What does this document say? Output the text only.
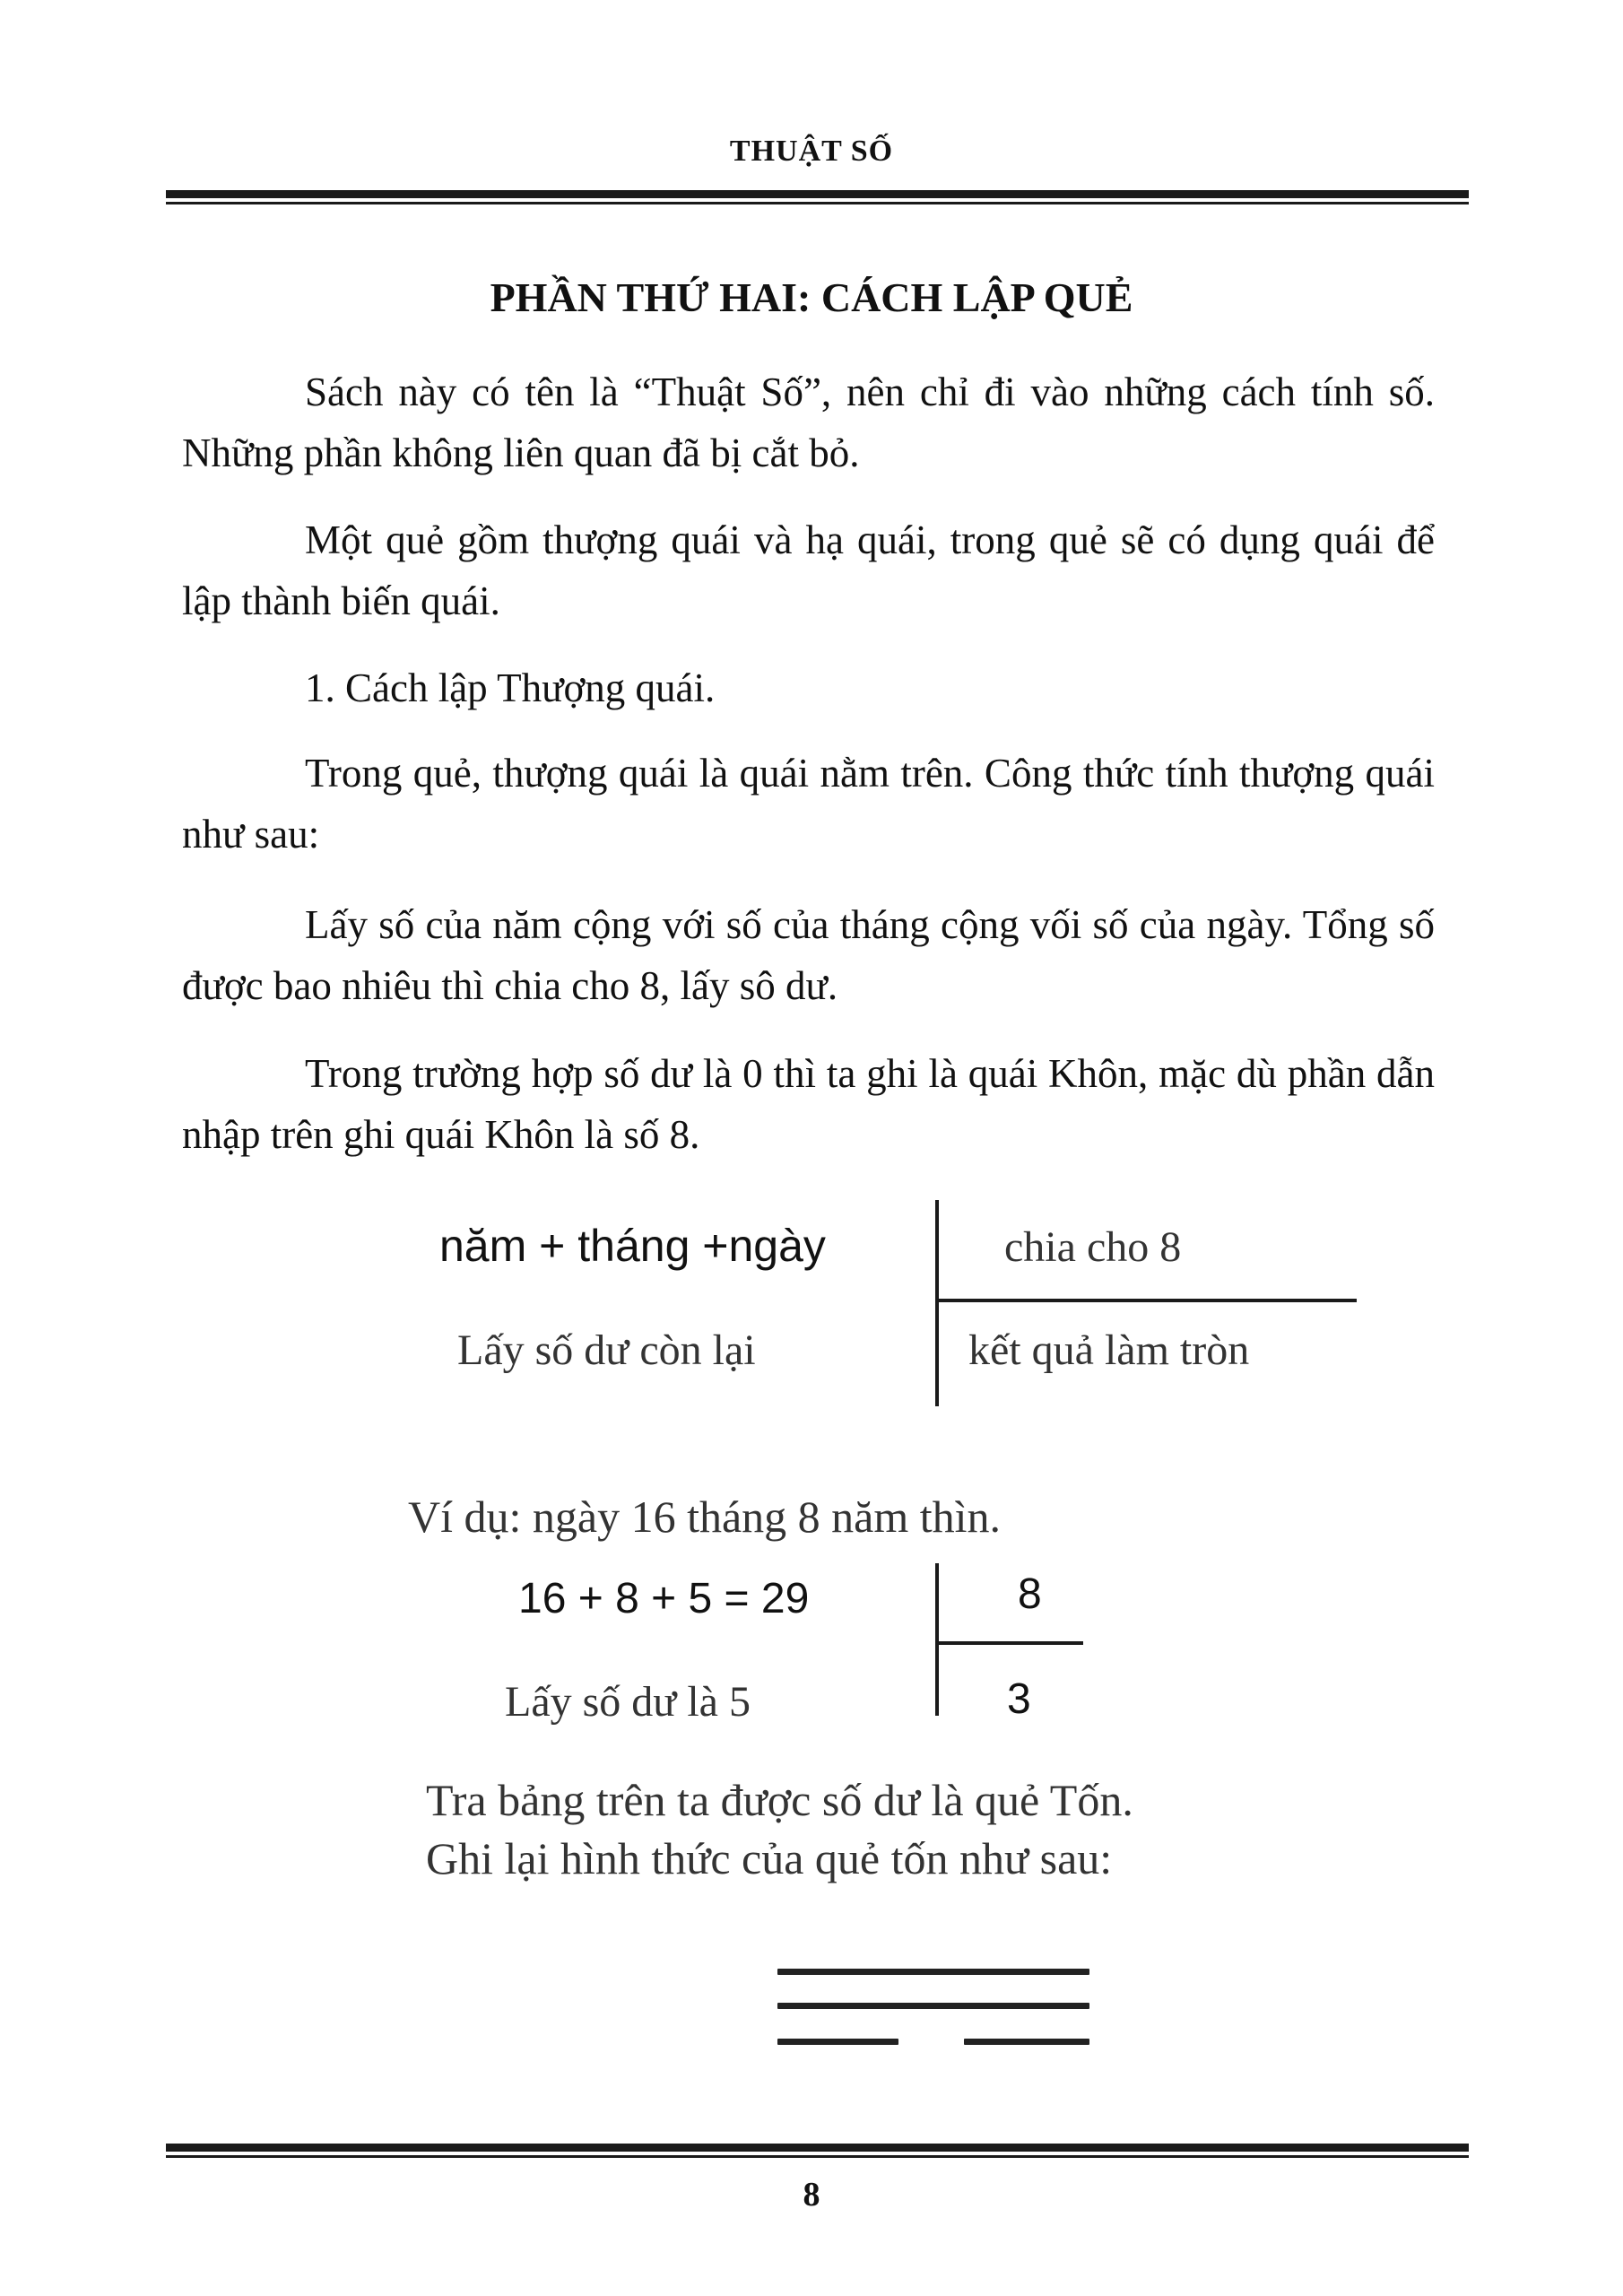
THUẬT SỐ
PHẦN THỨ HAI: CÁCH LẬP QUẺ

Sách này có tên là “Thuật Số”, nên chỉ đi vào những cách tính số. Những phần không liên quan đã bị cắt bỏ.

Một quẻ gồm thượng quái và hạ quái, trong quẻ sẽ có dụng quái để lập thành biến quái.

1. Cách lập Thượng quái.

Trong quẻ, thượng quái là quái nằm trên. Công thức tính thượng quái như sau:

Lấy số của năm cộng với số của tháng cộng vối số của ngày. Tổng số được bao nhiêu thì chia cho 8, lấy sô dư.

Trong trường hợp số dư là 0 thì ta ghi là quái Khôn, mặc dù phần dẫn nhập trên ghi quái Khôn là số 8.

năm + tháng +ngày	chia cho 8
Lấy số dư còn lại	kết quả làm tròn
Ví dụ: ngày 16 tháng 8 năm thìn.
16 + 8 + 5 = 29	8
Lấy số dư là 5	3
Tra bảng trên ta được số dư là quẻ Tốn.
Ghi lại hình thức của quẻ tốn như sau:
8
